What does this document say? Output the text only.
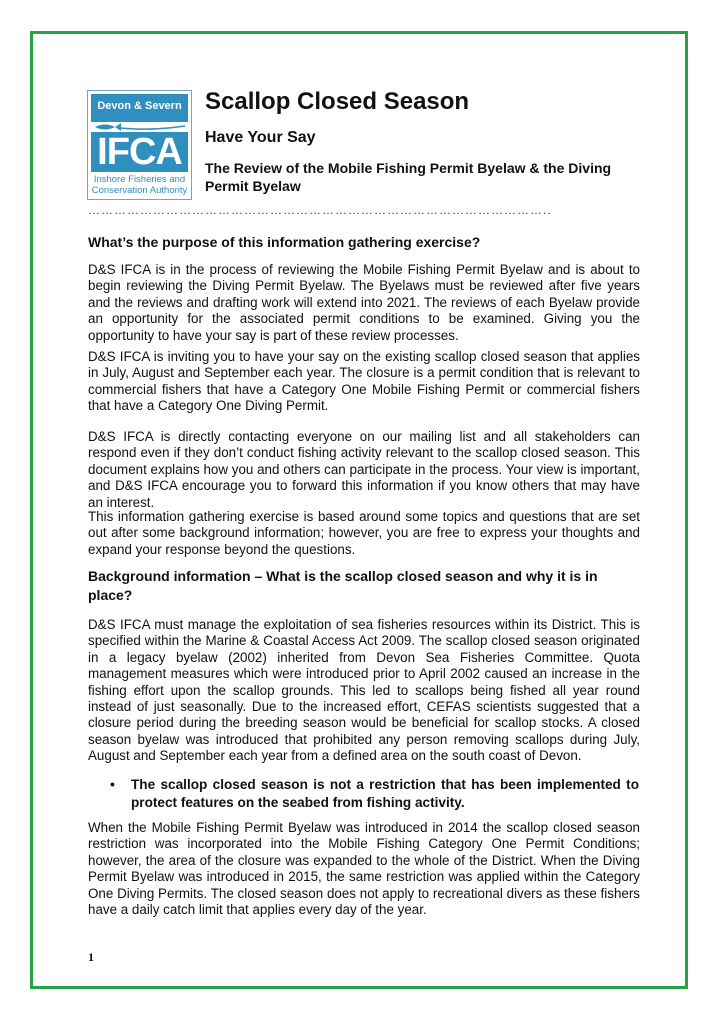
Devon & Severn
IFCA
Inshore Fisheries and
Conservation Authority
Scallop Closed Season
Have Your Say

The Review of the Mobile Fishing Permit Byelaw & the Diving Permit Byelaw

……………………………………………………………………………………………..
What’s the purpose of this information gathering exercise?

D&S IFCA is in the process of reviewing the Mobile Fishing Permit Byelaw and is about to begin reviewing the Diving Permit Byelaw. The Byelaws must be reviewed after five years and the reviews and drafting work will extend into 2021. The reviews of each Byelaw provide an opportunity for the associated permit conditions to be examined. Giving you the opportunity to have your say is part of these review processes.

D&S IFCA is inviting you to have your say on the existing scallop closed season that applies in July, August and September each year. The closure is a permit condition that is relevant to commercial fishers that have a Category One Mobile Fishing Permit or commercial fishers that have a Category One Diving Permit.

D&S IFCA is directly contacting everyone on our mailing list and all stakeholders can respond even if they don’t conduct fishing activity relevant to the scallop closed season. This document explains how you and others can participate in the process. Your view is important, and D&S IFCA encourage you to forward this information if you know others that may have an interest.

This information gathering exercise is based around some topics and questions that are set out after some background information; however, you are free to express your thoughts and expand your response beyond the questions.

Background information – What is the scallop closed season and why it is in place?

D&S IFCA must manage the exploitation of sea fisheries resources within its District. This is specified within the Marine & Coastal Access Act 2009. The scallop closed season originated in a legacy byelaw (2002) inherited from Devon Sea Fisheries Committee. Quota management measures which were introduced prior to April 2002 caused an increase in the fishing effort upon the scallop grounds. This led to scallops being fished all year round instead of just seasonally. Due to the increased effort, CEFAS scientists suggested that a closure period during the breeding season would be beneficial for scallop stocks. A closed season byelaw was introduced that prohibited any person removing scallops during July, August and September each year from a defined area on the south coast of Devon.

• The scallop closed season is not a restriction that has been implemented to protect features on the seabed from fishing activity.

When the Mobile Fishing Permit Byelaw was introduced in 2014 the scallop closed season restriction was incorporated into the Mobile Fishing Category One Permit Conditions; however, the area of the closure was expanded to the whole of the District. When the Diving Permit Byelaw was introduced in 2015, the same restriction was applied within the Category One Diving Permits. The closed season does not apply to recreational divers as these fishers have a daily catch limit that applies every day of the year.

1
